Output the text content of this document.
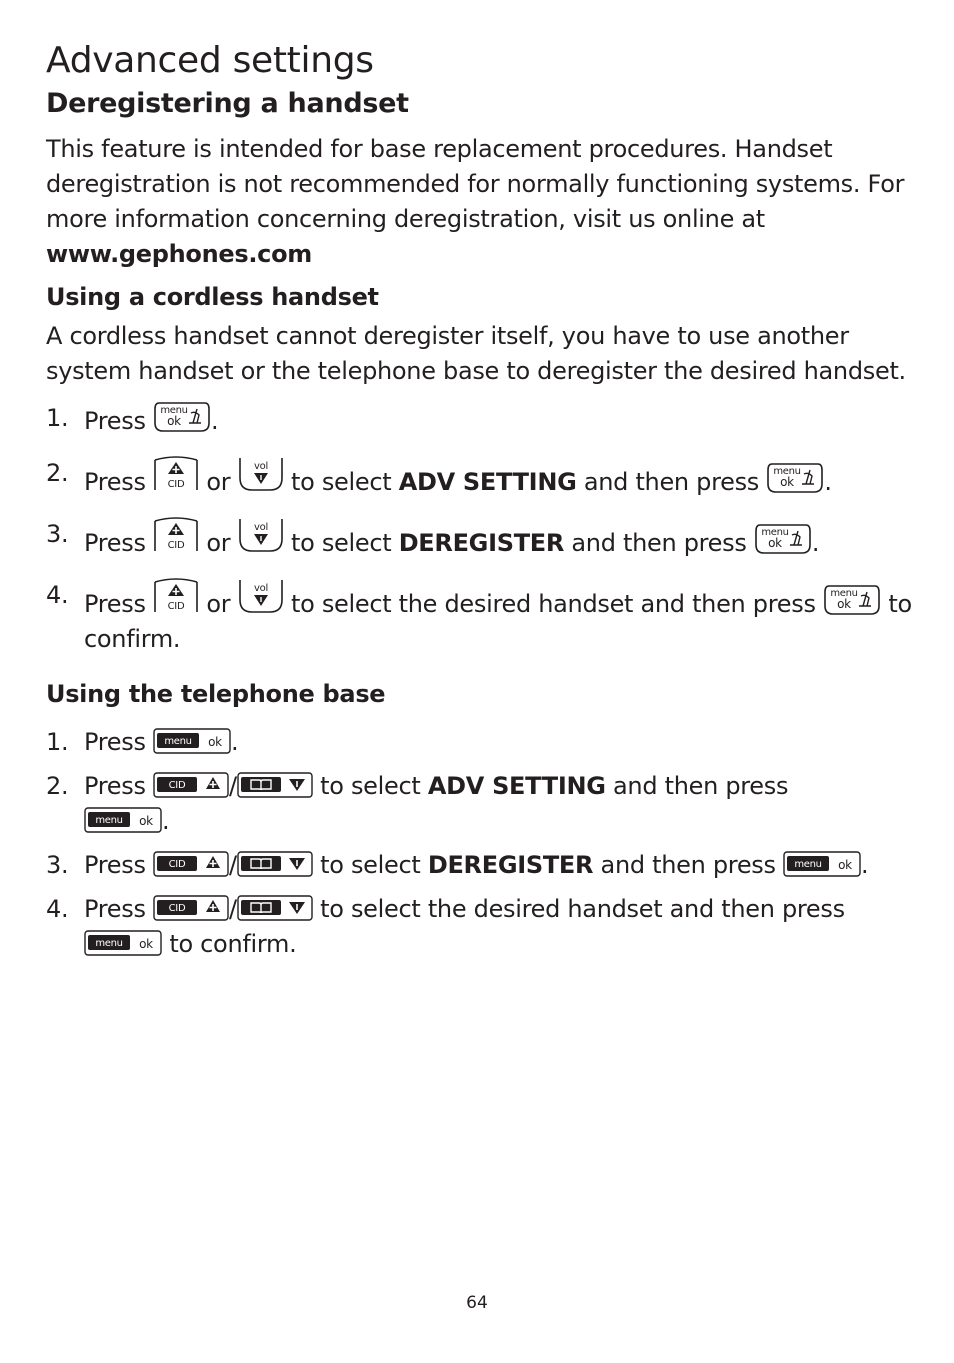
Advanced settings
Deregistering a handset

This feature is intended for base replacement procedures. Handset deregistration is not recommended for normally functioning systems. For more information concerning deregistration, visit us online at
www.gephones.com

Using a cordless handset

A cordless handset cannot deregister itself, you have to use another system handset or the telephone base to deregister the desired handset.

1. Press	.
2. Press	or	to select ADV SETTING and then press	.
3. Press	or	to select DEREGISTER and then press	.
4. Press	or	to select the desired handset and then press	to confirm.
Using the telephone base
1. Press	.
2. Press	/	to select ADV SETTING and then press
.
3. Press	/	to select DEREGISTER and then press	.
4. Press	/	to select the desired handset and then press
to confirm.
64
